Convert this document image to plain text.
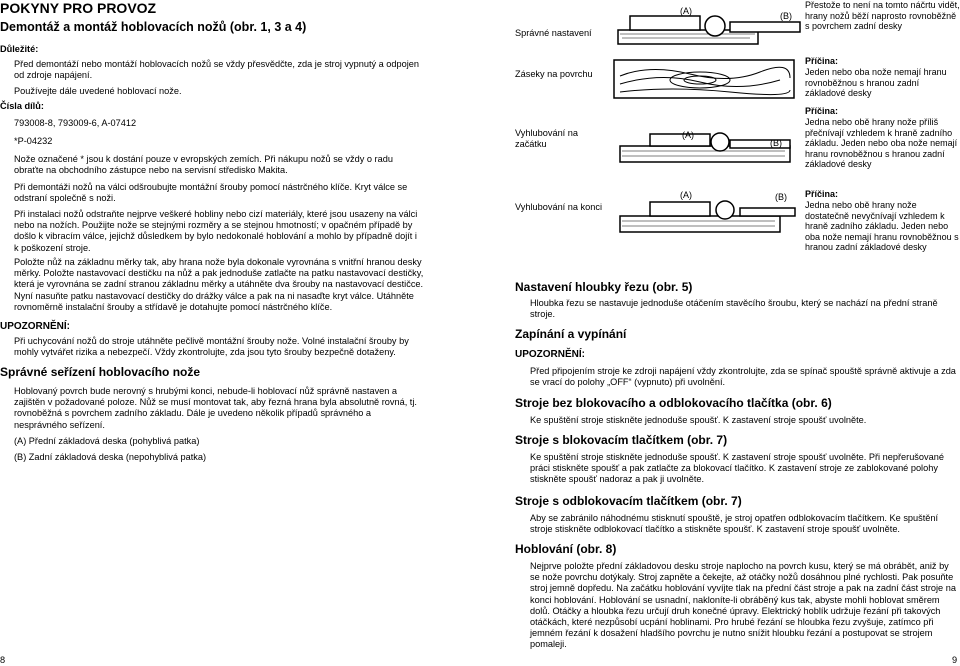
POKYNY PRO PROVOZ
Demontáž a montáž hoblovacích nožů (obr. 1, 3 a 4)
Důležité:
Před demontáží nebo montáží hoblovacích nožů se vždy přesvědčte, zda je stroj vypnutý a odpojen od zdroje napájení.
Používejte dále uvedené hoblovací nože.
Čísla dílů:
793008-8, 793009-6, A-07412
*P-04232
Nože označené * jsou k dostání pouze v evropských zemích. Při nákupu nožů se vždy o radu obraťte na obchodního zástupce nebo na servisní středisko Makita.
Při demontáži nožů na válci odšroubujte montážní šrouby pomocí nástrčného klíče. Kryt válce se odstraní společně s noži.
Při instalaci nožů odstraňte nejprve veškeré hobliny nebo cizí materiály, které jsou usazeny na válci nebo na nožích. Použijte nože se stejnými rozměry a se stejnou hmotností; v opačném případě by došlo k vibracím válce, jejichž důsledkem by bylo nedokonalé hoblování a mohlo by případně dojít i k poškození stroje.
Položte nůž na základnu měrky tak, aby hrana nože byla dokonale vyrovnána s vnitřní hranou desky měrky. Položte nastavovací destičku na nůž a pak jednoduše zatlačte na patku nastavovací destičky, která je vyrovnána se zadní stranou základnu měrky a utáhněte dva šrouby na nastavovací destičce. Nyní nasuňte patku nastavovací destičky do drážky válce a pak na ni nasaďte kryt válce. Utáhněte rovnoměrně instalační šrouby a střídavě je dotahujte pomocí nástrčného klíče.
UPOZORNĚNÍ:
Při uchycování nožů do stroje utáhněte pečlivě montážní šrouby nože. Volné instalační šrouby by mohly vytvářet rizika a nebezpečí. Vždy zkontrolujte, zda jsou tyto šrouby bezpečně dotaženy.
Správné seřízení hoblovacího nože
Hoblovaný povrch bude nerovný s hrubými konci, nebude-li hoblovací nůž správně nastaven a zajištěn v požadované poloze. Nůž se musí montovat tak, aby řezná hrana byla absolutně rovná, tj. rovnoběžná s povrchem zadního základu. Dále je uvedeno několik případů správného a nesprávného seřízení.
(A) Přední základová deska (pohyblivá patka)
(B) Zadní základová deska (nepohyblivá patka)
8
Správné nastavení
Zásеky na povrchu
Vyhlubování na začátku
Vyhlubování na konci
(A)	(B)
Přestože to není na tomto náčrtu vidět, hrany nožů běží naprosto rovnoběžně s povrchem zadní desky
Příčina:
Jeden nebo oba nože nemají hranu rovnoběžnou s hranou zadní základové desky
(A)
(B)
Příčina:
Jedna nebo obě hrany nože příliš přečnívají vzhledem k hraně zadního základu. Jeden nebo oba nože nemají hranu rovnoběžnou s hranou zadní základové desky
(A)	(B) Příčina:
Jedna nebo obě hrany nože dostatečně nevyčnívají vzhledem k hraně zadního základu. Jeden nebo oba nože nemají hranu rovnoběžnou s hranou zadní základové desky
Nastavení hloubky řezu (obr. 5)
Hloubka řezu se nastavuje jednoduše otáčením stavěcího šroubu, který se nachází na přední straně stroje.
Zapínání a vypínání
UPOZORNĚNÍ:
Před připojením stroje ke zdroji napájení vždy zkontrolujte, zda se spínač spouště správně aktivuje a zda se vrací do polohy „OFF“ (vypnuto) při uvolnění.
Stroje bez blokovacího a odblokovacího tlačítka (obr. 6)
Ke spuštění stroje stiskněte jednoduše spoušť. K zastavení stroje spoušť uvolněte.
Stroje s blokovacím tlačítkem (obr. 7)
Ke spuštění stroje stiskněte jednoduše spoušť. K zastavení stroje spoušť uvolněte. Při nepřerušované práci stiskněte spoušť a pak zatlačte za blokovací tlačítko. K zastavení stroje ze zablokované polohy stiskněte spoušť nadoraz a pak ji uvolněte.
Stroje s odblokovacím tlačítkem (obr. 7)
Aby se zabránilo náhodnému stisknutí spouště, je stroj opatřen odblokovacím tlačítkem. Ke spuštění stroje stiskněte odblokovací tlačítko a stiskněte spoušť. K zastavení stroje spoušť uvolněte.
Hoblování (obr. 8)
Nejprve položte přední základovou desku stroje naplocho na povrch kusu, který se má obrábět, aniž by se nože povrchu dotýkaly. Stroj zapněte a čekejte, až otáčky nožů dosáhnou plné rychlosti. Pak posuňte stroj jemně dopředu. Na začátku hoblování vyvíjte tlak na přední část stroje a pak na zadní část stroje na konci hoblování. Hoblování se usnadní, nakloníte-li obráběný kus tak, abyste mohli hoblovat směrem dolů. Otáčky a hloubka řezu určují druh konečné úpravy. Elektrický hoblík udržuje řezání při takových otáčkách, které nezpůsobí ucpání hoblinami. Pro hrubé řezání se hloubka řezu zvyšuje, zatímco při jemném řezání k dosažení hladšího povrchu je nutno snížit hloubku řezání a postupovat se strojem pomaleji.
9
